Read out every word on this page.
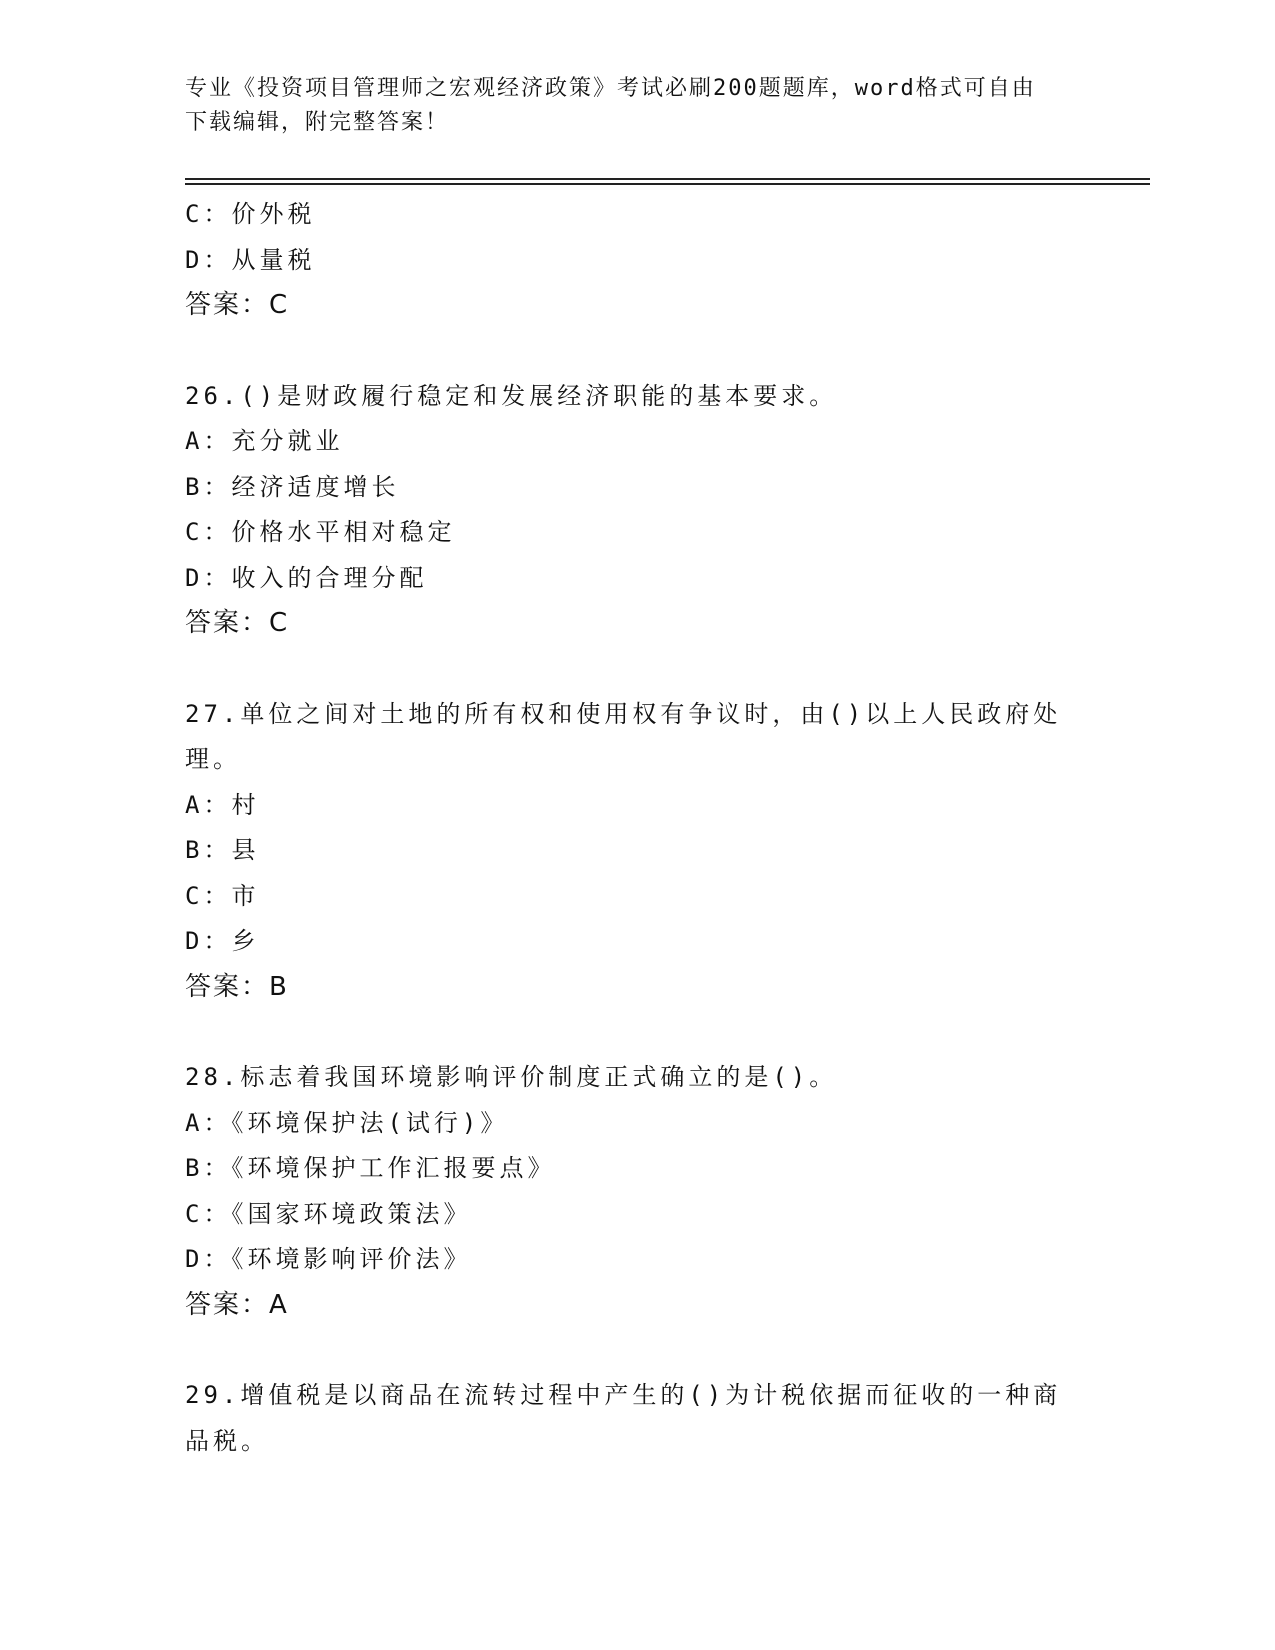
专业《投资项目管理师之宏观经济政策》考试必刷200题题库，word格式可自由
下载编辑，附完整答案！
C：价外税
D：从量税
答案：C
26.()是财政履行稳定和发展经济职能的基本要求。
A：充分就业
B：经济适度增长
C：价格水平相对稳定
D：收入的合理分配
答案：C
27.单位之间对土地的所有权和使用权有争议时，由()以上人民政府处
理。
A：村
B：县
C：市
D：乡
答案：B
28.标志着我国环境影响评价制度正式确立的是()。
A：《环境保护法(试行)》
B：《环境保护工作汇报要点》
C：《国家环境政策法》
D：《环境影响评价法》
答案：A
29.增值税是以商品在流转过程中产生的()为计税依据而征收的一种商
品税。
